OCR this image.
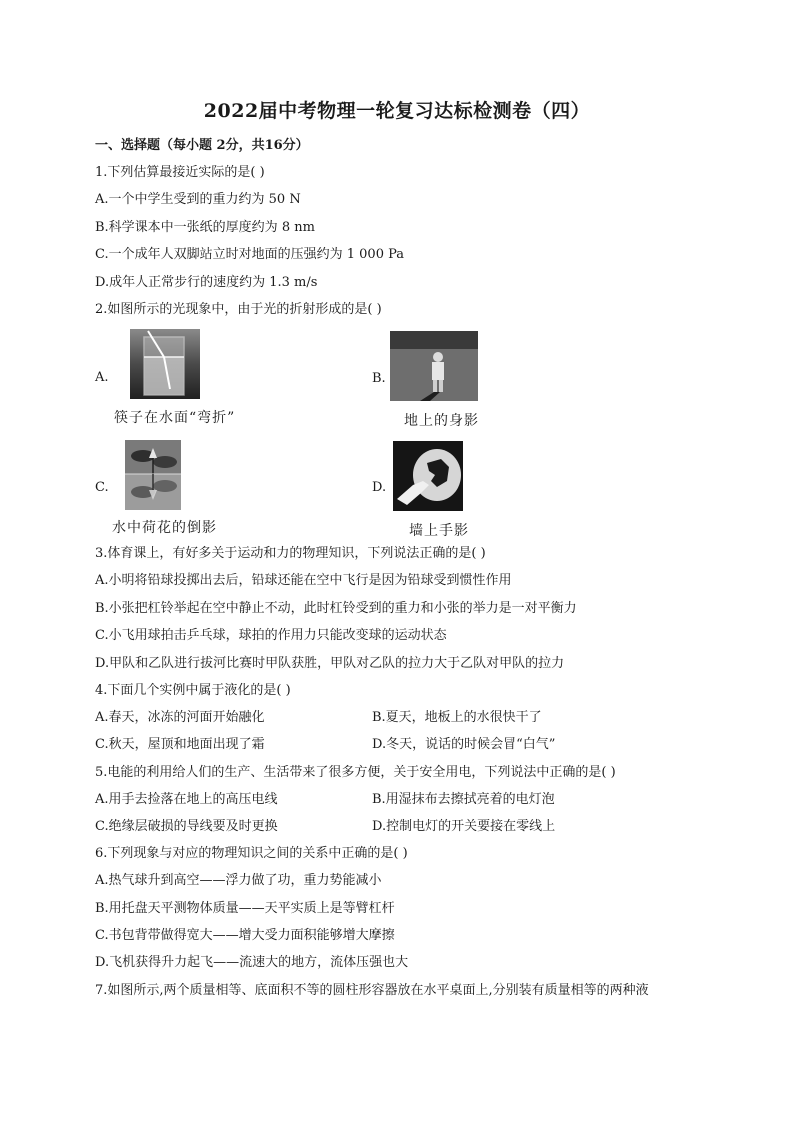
2022届中考物理一轮复习达标检测卷（四）
一、选择题（每小题 2分，共16分）
1.下列估算最接近实际的是( )
A.一个中学生受到的重力约为 50 N
B.科学课本中一张纸的厚度约为 8 nm
C.一个成年人双脚站立时对地面的压强约为 1 000 Pa
D.成年人正常步行的速度约为 1.3 m/s
2.如图所示的光现象中，由于光的折射形成的是( )
A.
筷子在水面“弯折”
B.
地上的身影
C.
水中荷花的倒影
D.
墙上手影
3.体育课上，有好多关于运动和力的物理知识，下列说法正确的是( )
A.小明将铅球投掷出去后，铅球还能在空中飞行是因为铅球受到惯性作用
B.小张把杠铃举起在空中静止不动，此时杠铃受到的重力和小张的举力是一对平衡力
C.小飞用球拍击乒乓球，球拍的作用力只能改变球的运动状态
D.甲队和乙队进行拔河比赛时甲队获胜，甲队对乙队的拉力大于乙队对甲队的拉力
4.下面几个实例中属于液化的是( )
A.春天，冰冻的河面开始融化	B.夏天，地板上的水很快干了
C.秋天，屋顶和地面出现了霜	D.冬天，说话的时候会冒“白气”
5.电能的利用给人们的生产、生活带来了很多方便，关于安全用电，下列说法中正确的是( )
A.用手去捡落在地上的高压电线	B.用湿抹布去擦拭亮着的电灯泡
C.绝缘层破损的导线要及时更换	D.控制电灯的开关要接在零线上
6.下列现象与对应的物理知识之间的关系中正确的是( )
A.热气球升到高空——浮力做了功，重力势能减小
B.用托盘天平测物体质量——天平实质上是等臂杠杆
C.书包背带做得宽大——增大受力面积能够增大摩擦
D.飞机获得升力起飞——流速大的地方，流体压强也大
7.如图所示,两个质量相等、底面积不等的圆柱形容器放在水平桌面上,分别装有质量相等的两种液
